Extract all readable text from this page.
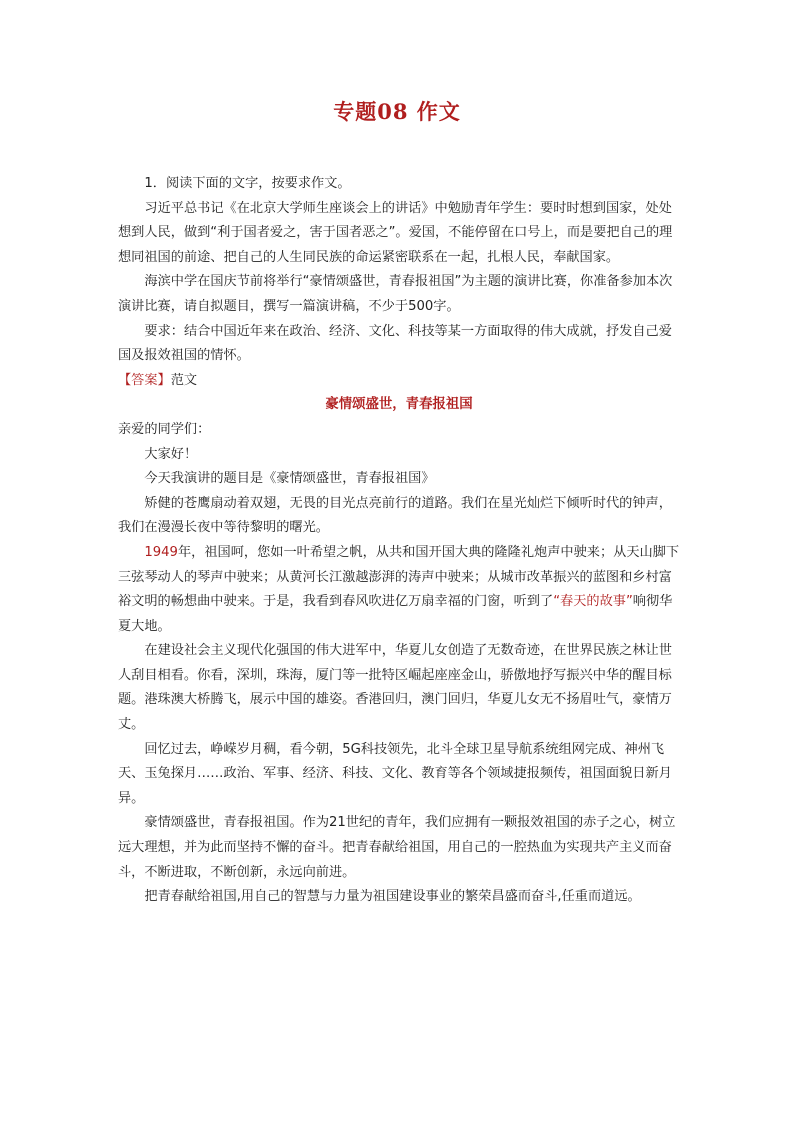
专题08 作文

1．阅读下面的文字，按要求作文。

习近平总书记《在北京大学师生座谈会上的讲话》中勉励青年学生：要时时想到国家，处处想到人民，做到“利于国者爱之，害于国者恶之”。爱国，不能停留在口号上，而是要把自己的理想同祖国的前途、把自己的人生同民族的命运紧密联系在一起，扎根人民，奉献国家。

海滨中学在国庆节前将举行“豪情颂盛世，青春报祖国”为主题的演讲比赛，你准备参加本次演讲比赛，请自拟题目，撰写一篇演讲稿，不少于500字。

要求：结合中国近年来在政治、经济、文化、科技等某一方面取得的伟大成就，抒发自己爱国及报效祖国的情怀。

【答案】范文

豪情颂盛世，青春报祖国

亲爱的同学们：

大家好！

今天我演讲的题目是《豪情颂盛世，青春报祖国》

矫健的苍鹰扇动着双翅，无畏的目光点亮前行的道路。我们在星光灿烂下倾听时代的钟声，我们在漫漫长夜中等待黎明的曙光。

1949年，祖国呵，您如一叶希望之帆，从共和国开国大典的隆隆礼炮声中驶来；从天山脚下三弦琴动人的琴声中驶来；从黄河长江激越澎湃的涛声中驶来；从城市改革振兴的蓝图和乡村富裕文明的畅想曲中驶来。于是，我看到春风吹进亿万扇幸福的门窗，听到了“春天的故事”响彻华夏大地。

在建设社会主义现代化强国的伟大进军中，华夏儿女创造了无数奇迹，在世界民族之林让世人刮目相看。你看，深圳，珠海，厦门等一批特区崛起座座金山，骄傲地抒写振兴中华的醒目标题。港珠澳大桥腾飞，展示中国的雄姿。香港回归，澳门回归，华夏儿女无不扬眉吐气，豪情万丈。

回忆过去，峥嵘岁月稠，看今朝，5G科技领先，北斗全球卫星导航系统组网完成、神州飞天、玉兔探月……政治、军事、经济、科技、文化、教育等各个领域捷报频传，祖国面貌日新月异。

豪情颂盛世，青春报祖国。作为21世纪的青年，我们应拥有一颗报效祖国的赤子之心，树立远大理想，并为此而坚持不懈的奋斗。把青春献给祖国，用自己的一腔热血为实现共产主义而奋斗，不断进取，不断创新，永远向前进。

把青春献给祖国,用自己的智慧与力量为祖国建设事业的繁荣昌盛而奋斗,任重而道远。
